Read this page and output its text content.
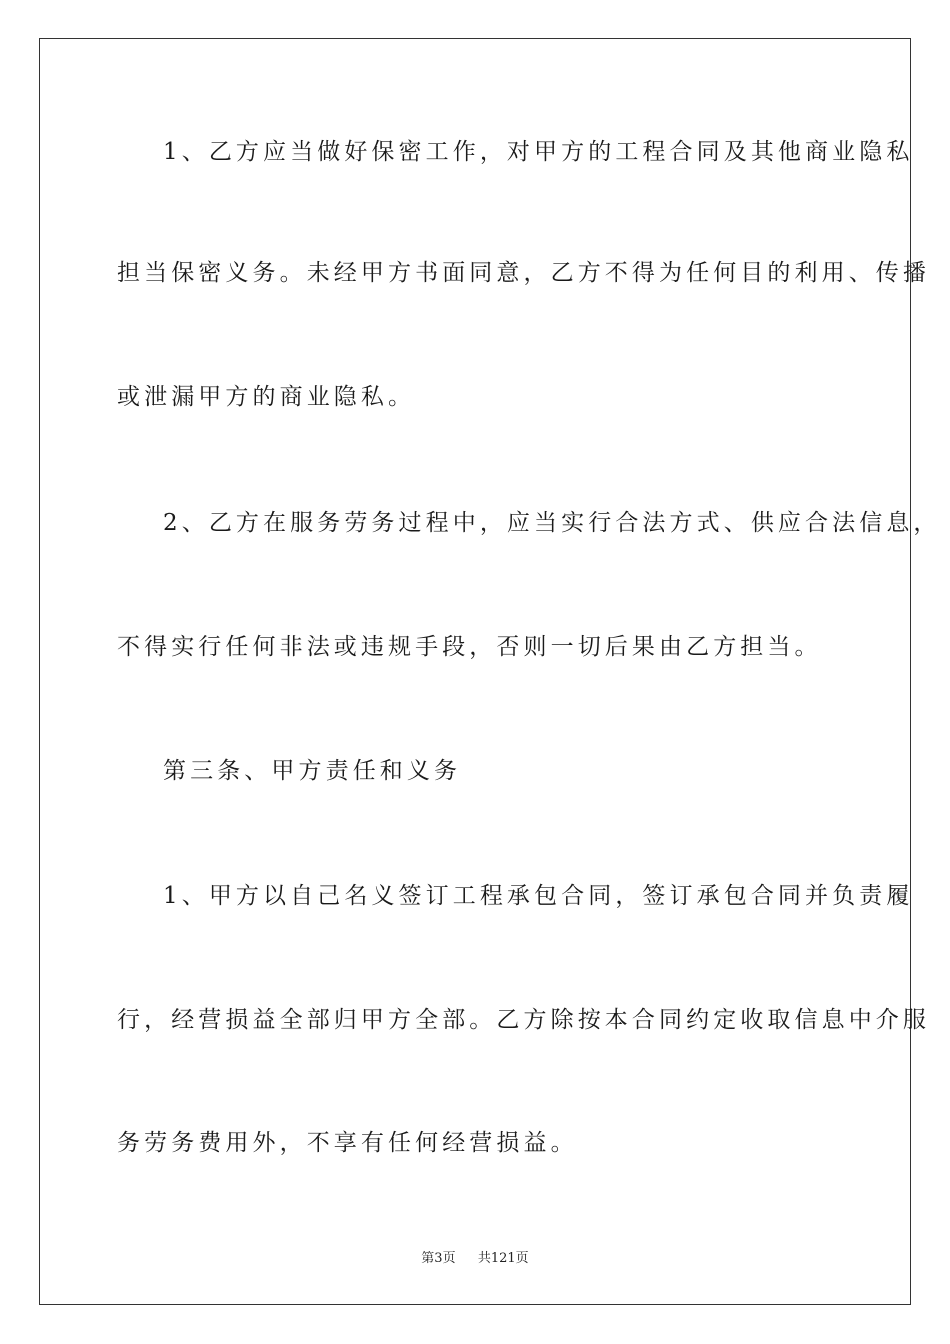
1、乙方应当做好保密工作，对甲方的工程合同及其他商业隐私
担当保密义务。未经甲方书面同意，乙方不得为任何目的利用、传播
或泄漏甲方的商业隐私。
2、乙方在服务劳务过程中，应当实行合法方式、供应合法信息，
不得实行任何非法或违规手段，否则一切后果由乙方担当。
第三条、甲方责任和义务
1、甲方以自己名义签订工程承包合同，签订承包合同并负责履
行，经营损益全部归甲方全部。乙方除按本合同约定收取信息中介服
务劳务费用外，不享有任何经营损益。
第3页 共121页
